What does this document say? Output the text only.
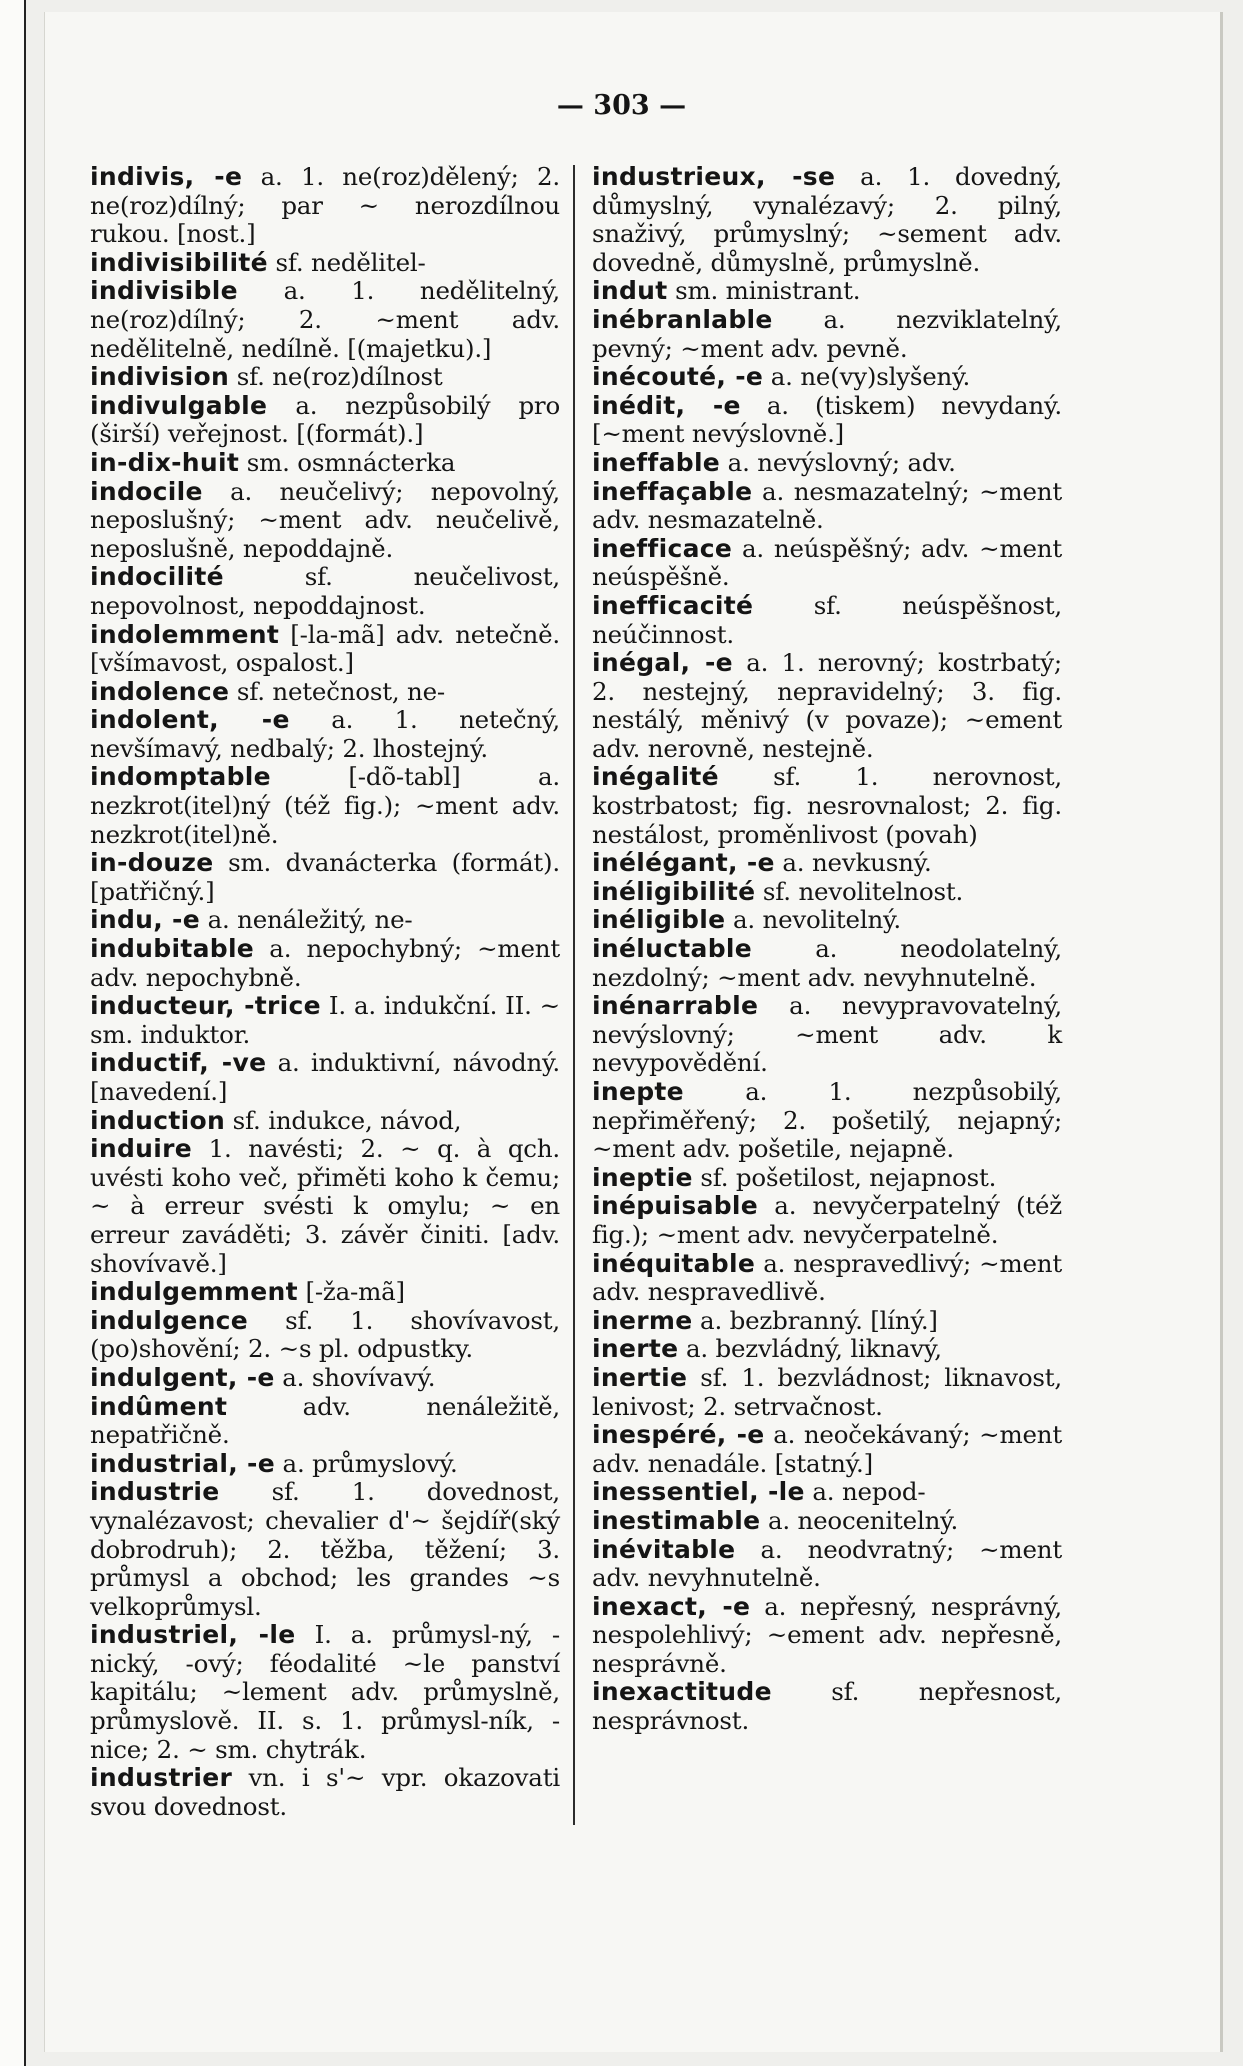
— 303 —

indivis, -e a. 1. ne(roz)dělený; 2. ne(roz)dílný; par ~ nerozdílnou rukou. [nost.]

indivisibilité sf. nedělitel-

indivisible a. 1. nedělitelný, ne(roz)dílný; 2. ~ment adv. nedělitelně, nedílně. [(majetku).]

indivision sf. ne(roz)dílnost

indivulgable a. nezpůsobilý pro (širší) veřejnost. [(formát).]

in-dix-huit sm. osmnácterka

indocile a. neučelivý; nepovolný, neposlušný; ~ment adv. neučelivě, neposlušně, nepoddajně.

indocilité sf. neučelivost, nepovolnost, nepoddajnost.

indolemment [-la-mã] adv. netečně. [všímavost, ospalost.]

indolence sf. netečnost, ne-

indolent, -e a. 1. netečný, nevšímavý, nedbalý; 2. lhostejný.

indomptable [-dõ-tabl] a. nezkrot(itel)ný (též fig.); ~ment adv. nezkrot(itel)ně.

in-douze sm. dvanácterka (formát). [patřičný.]

indu, -e a. nenáležitý, ne-

indubitable a. nepochybný; ~ment adv. nepochybně.

inducteur, -trice I. a. indukční. II. ~ sm. induktor.

inductif, -ve a. induktivní, návodný. [navedení.]

induction sf. indukce, návod,

induire 1. navésti; 2. ~ q. à qch. uvésti koho več, přiměti koho k čemu; ~ à erreur svésti k omylu; ~ en erreur zaváděti; 3. závěr činiti. [adv. shovívavě.]

indulgemment [-ža-mã]

indulgence sf. 1. shovívavost, (po)shovění; 2. ~s pl. odpustky.

indulgent, -e a. shovívavý.

indûment adv. nenáležitě, nepatřičně.

industrial, -e a. průmyslový.

industrie sf. 1. dovednost, vynalézavost; chevalier d'~ šejdíř(ský dobrodruh); 2. těžba, těžení; 3. průmysl a obchod; les grandes ~s velkoprůmysl.

industriel, -le I. a. průmysl-ný, -nický, -ový; féodalité ~le panství kapitálu; ~lement adv. průmyslně, průmyslově. II. s. 1. průmysl-ník, -nice; 2. ~ sm. chytrák.

industrier vn. i s'~ vpr. okazovati svou dovednost.

industrieux, -se a. 1. dovedný, důmyslný, vynalézavý; 2. pilný, snaživý, průmyslný; ~sement adv. dovedně, důmyslně, průmyslně.

indut sm. ministrant.

inébranlable a. nezviklatelný, pevný; ~ment adv. pevně.

inécouté, -e a. ne(vy)slyšený.

inédit, -e a. (tiskem) nevydaný. [~ment nevýslovně.]

ineffable a. nevýslovný; adv.

ineffaçable a. nesmazatelný; ~ment adv. nesmazatelně.

inefficace a. neúspěšný; adv. ~ment neúspěšně.

inefficacité sf. neúspěšnost, neúčinnost.

inégal, -e a. 1. nerovný; kostrbatý; 2. nestejný, nepravidelný; 3. fig. nestálý, měnivý (v povaze); ~ement adv. nerovně, nestejně.

inégalité sf. 1. nerovnost, kostrbatost; fig. nesrovnalost; 2. fig. nestálost, proměnlivost (povah)

inélégant, -e a. nevkusný.

inéligibilité sf. nevolitelnost.

inéligible a. nevolitelný.

inéluctable a. neodolatelný, nezdolný; ~ment adv. nevyhnutelně.

inénarrable a. nevypravovatelný, nevýslovný; ~ment adv. k nevypovědění.

inepte a. 1. nezpůsobilý, nepřiměřený; 2. pošetilý, nejapný; ~ment adv. pošetile, nejapně.

ineptie sf. pošetilost, nejapnost.

inépuisable a. nevyčerpatelný (též fig.); ~ment adv. nevyčerpatelně.

inéquitable a. nespravedlivý; ~ment adv. nespravedlivě.

inerme a. bezbranný. [líný.]

inerte a. bezvládný, liknavý,

inertie sf. 1. bezvládnost; liknavost, lenivost; 2. setrvačnost.

inespéré, -e a. neočekávaný; ~ment adv. nenadále. [statný.]

inessentiel, -le a. nepod-

inestimable a. neocenitelný.

inévitable a. neodvratný; ~ment adv. nevyhnutelně.

inexact, -e a. nepřesný, nesprávný, nespolehlivý; ~ement adv. nepřesně, nesprávně.

inexactitude sf. nepřesnost, nesprávnost.
